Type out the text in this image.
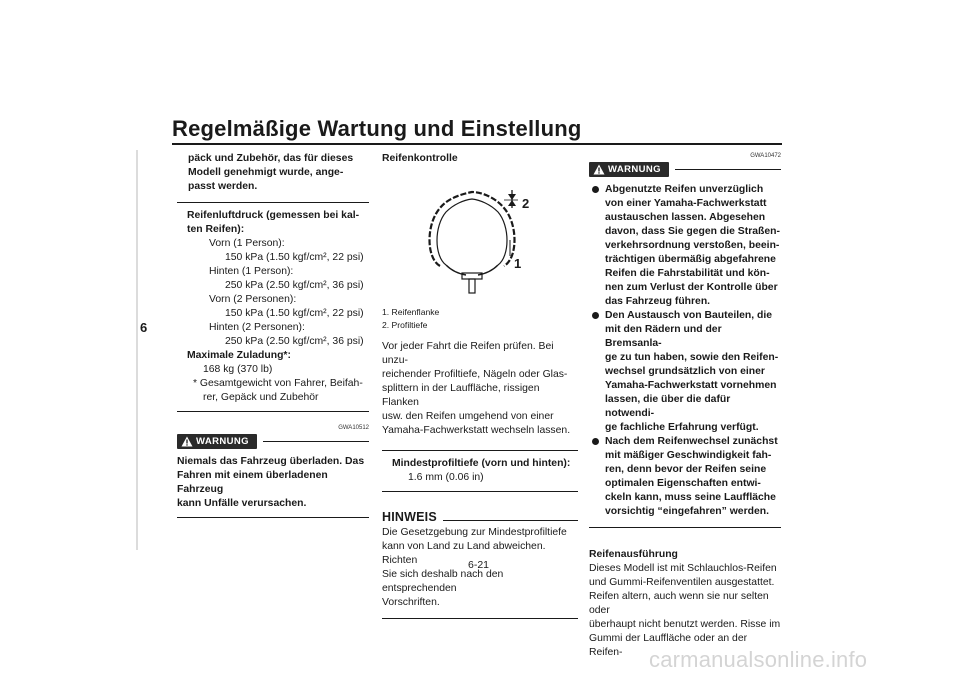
Regelmäßige Wartung und Einstellung
6
päck und Zubehör, das für dieses
Modell genehmigt wurde, ange-
passt werden.
Reifenluftdruck (gemessen bei kal-
ten Reifen):
Vorn (1 Person):
150 kPa (1.50 kgf/cm², 22 psi)
Hinten (1 Person):
250 kPa (2.50 kgf/cm², 36 psi)
Vorn (2 Personen):
150 kPa (1.50 kgf/cm², 22 psi)
Hinten (2 Personen):
250 kPa (2.50 kgf/cm², 36 psi)
Maximale Zuladung*:
168 kg (370 lb)
* Gesamtgewicht von Fahrer, Beifah-
rer, Gepäck und Zubehör
GWA10512
WARNUNG
Niemals das Fahrzeug überladen. Das
Fahren mit einem überladenen Fahrzeug
kann Unfälle verursachen.
Reifenkontrolle
2
1
1. Reifenflanke
2. Profiltiefe
Vor jeder Fahrt die Reifen prüfen. Bei unzu-
reichender Profiltiefe, Nägeln oder Glas-
splittern in der Lauffläche, rissigen Flanken
usw. den Reifen umgehend von einer
Yamaha-Fachwerkstatt wechseln lassen.
Mindestprofiltiefe (vorn und hinten):
1.6 mm (0.06 in)
HINWEIS
Die Gesetzgebung zur Mindestprofiltiefe
kann von Land zu Land abweichen. Richten
Sie sich deshalb nach den entsprechenden
Vorschriften.
GWA10472
WARNUNG
Abgenutzte Reifen unverzüglich
von einer Yamaha-Fachwerkstatt
austauschen lassen. Abgesehen
davon, dass Sie gegen die Straßen-
verkehrsordnung verstoßen, beein-
trächtigen übermäßig abgefahrene
Reifen die Fahrstabilität und kön-
nen zum Verlust der Kontrolle über
das Fahrzeug führen.
Den Austausch von Bauteilen, die
mit den Rädern und der Bremsanla-
ge zu tun haben, sowie den Reifen-
wechsel grundsätzlich von einer
Yamaha-Fachwerkstatt vornehmen
lassen, die über die dafür notwendi-
ge fachliche Erfahrung verfügt.
Nach dem Reifenwechsel zunächst
mit mäßiger Geschwindigkeit fah-
ren, denn bevor der Reifen seine
optimalen Eigenschaften entwi-
ckeln kann, muss seine Lauffläche
vorsichtig “eingefahren” werden.
Reifenausführung
Dieses Modell ist mit Schlauchlos-Reifen
und Gummi-Reifenventilen ausgestattet.
Reifen altern, auch wenn sie nur selten oder
überhaupt nicht benutzt werden. Risse im
Gummi der Lauffläche oder an der Reifen-
6-21
carmanualsonline.info
